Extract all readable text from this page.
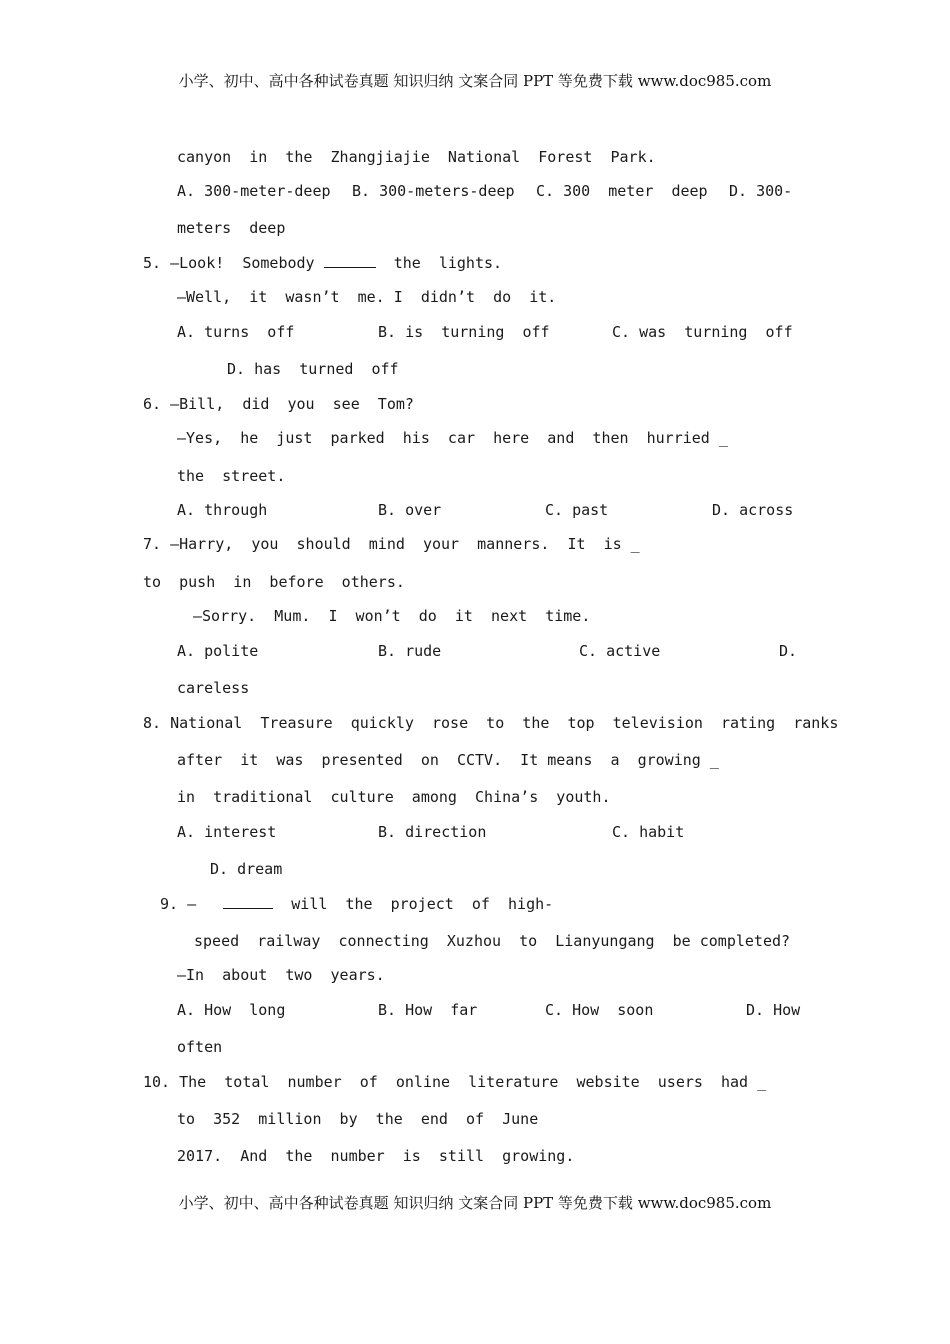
小学、初中、高中各种试卷真题 知识归纳 文案合同 PPT 等免费下载 www.doc985.com
canyon  in  the  Zhangjiajie  National  Forest  Park.
A. 300-meter-deep B. 300-meters-deep C. 300  meter  deep D. 300-
meters  deep
5. —Look!  Somebody	the  lights.
—Well,  it  wasn’t  me. I  didn’t  do  it.
A. turns  off	B. is  turning  off	C. was  turning  off
D. has  turned  off
6. —Bill,  did  you  see  Tom?
—Yes,  he  just  parked  his  car  here  and  then  hurried _
the  street.
A. through	B. over	C. past	D. across
7. —Harry,  you  should  mind  your  manners.  It  is _
to  push  in  before  others.
—Sorry.  Mum.  I  won’t  do  it  next  time.
A. polite	B. rude	C. active	D.
careless
8. National  Treasure  quickly  rose  to  the  top  television  rating  ranks
after  it  was  presented  on  CCTV.  It means  a  growing _
in  traditional  culture  among  China’s  youth.
A. interest	B. direction	C. habit
D. dream
9. —	will  the  project  of  high-
speed  railway  connecting  Xuzhou  to  Lianyungang  be completed?
—In  about  two  years.
A. How  long	B. How  far	C. How  soon	D. How
often
10. The  total  number  of  online  literature  website  users  had _
to  352  million  by  the  end  of  June
2017.  And  the  number  is  still  growing.
小学、初中、高中各种试卷真题 知识归纳 文案合同 PPT 等免费下载 www.doc985.com
